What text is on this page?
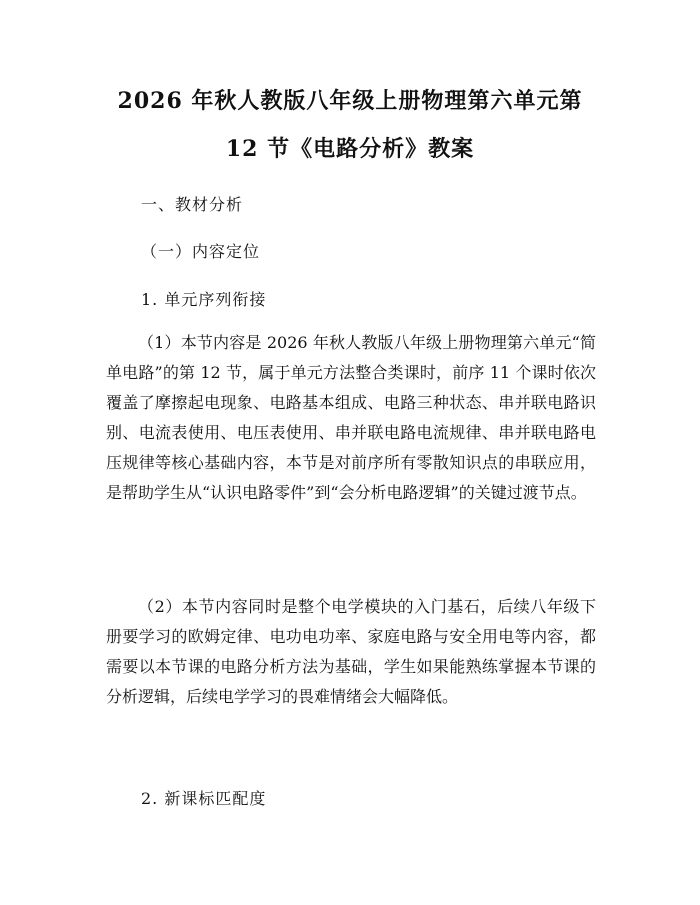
2026 年秋人教版八年级上册物理第六单元第
12 节《电路分析》教案
一、教材分析
（一）内容定位
1. 单元序列衔接

（1）本节内容是 2026 年秋人教版八年级上册物理第六单元“简单电路”的第 12 节，属于单元方法整合类课时，前序 11 个课时依次覆盖了摩擦起电现象、电路基本组成、电路三种状态、串并联电路识别、电流表使用、电压表使用、串并联电路电流规律、串并联电路电压规律等核心基础内容，本节是对前序所有零散知识点的串联应用，是帮助学生从“认识电路零件”到“会分析电路逻辑”的关键过渡节点。

（2）本节内容同时是整个电学模块的入门基石，后续八年级下册要学习的欧姆定律、电功电功率、家庭电路与安全用电等内容，都需要以本节课的电路分析方法为基础，学生如果能熟练掌握本节课的分析逻辑，后续电学学习的畏难情绪会大幅降低。

2. 新课标匹配度
